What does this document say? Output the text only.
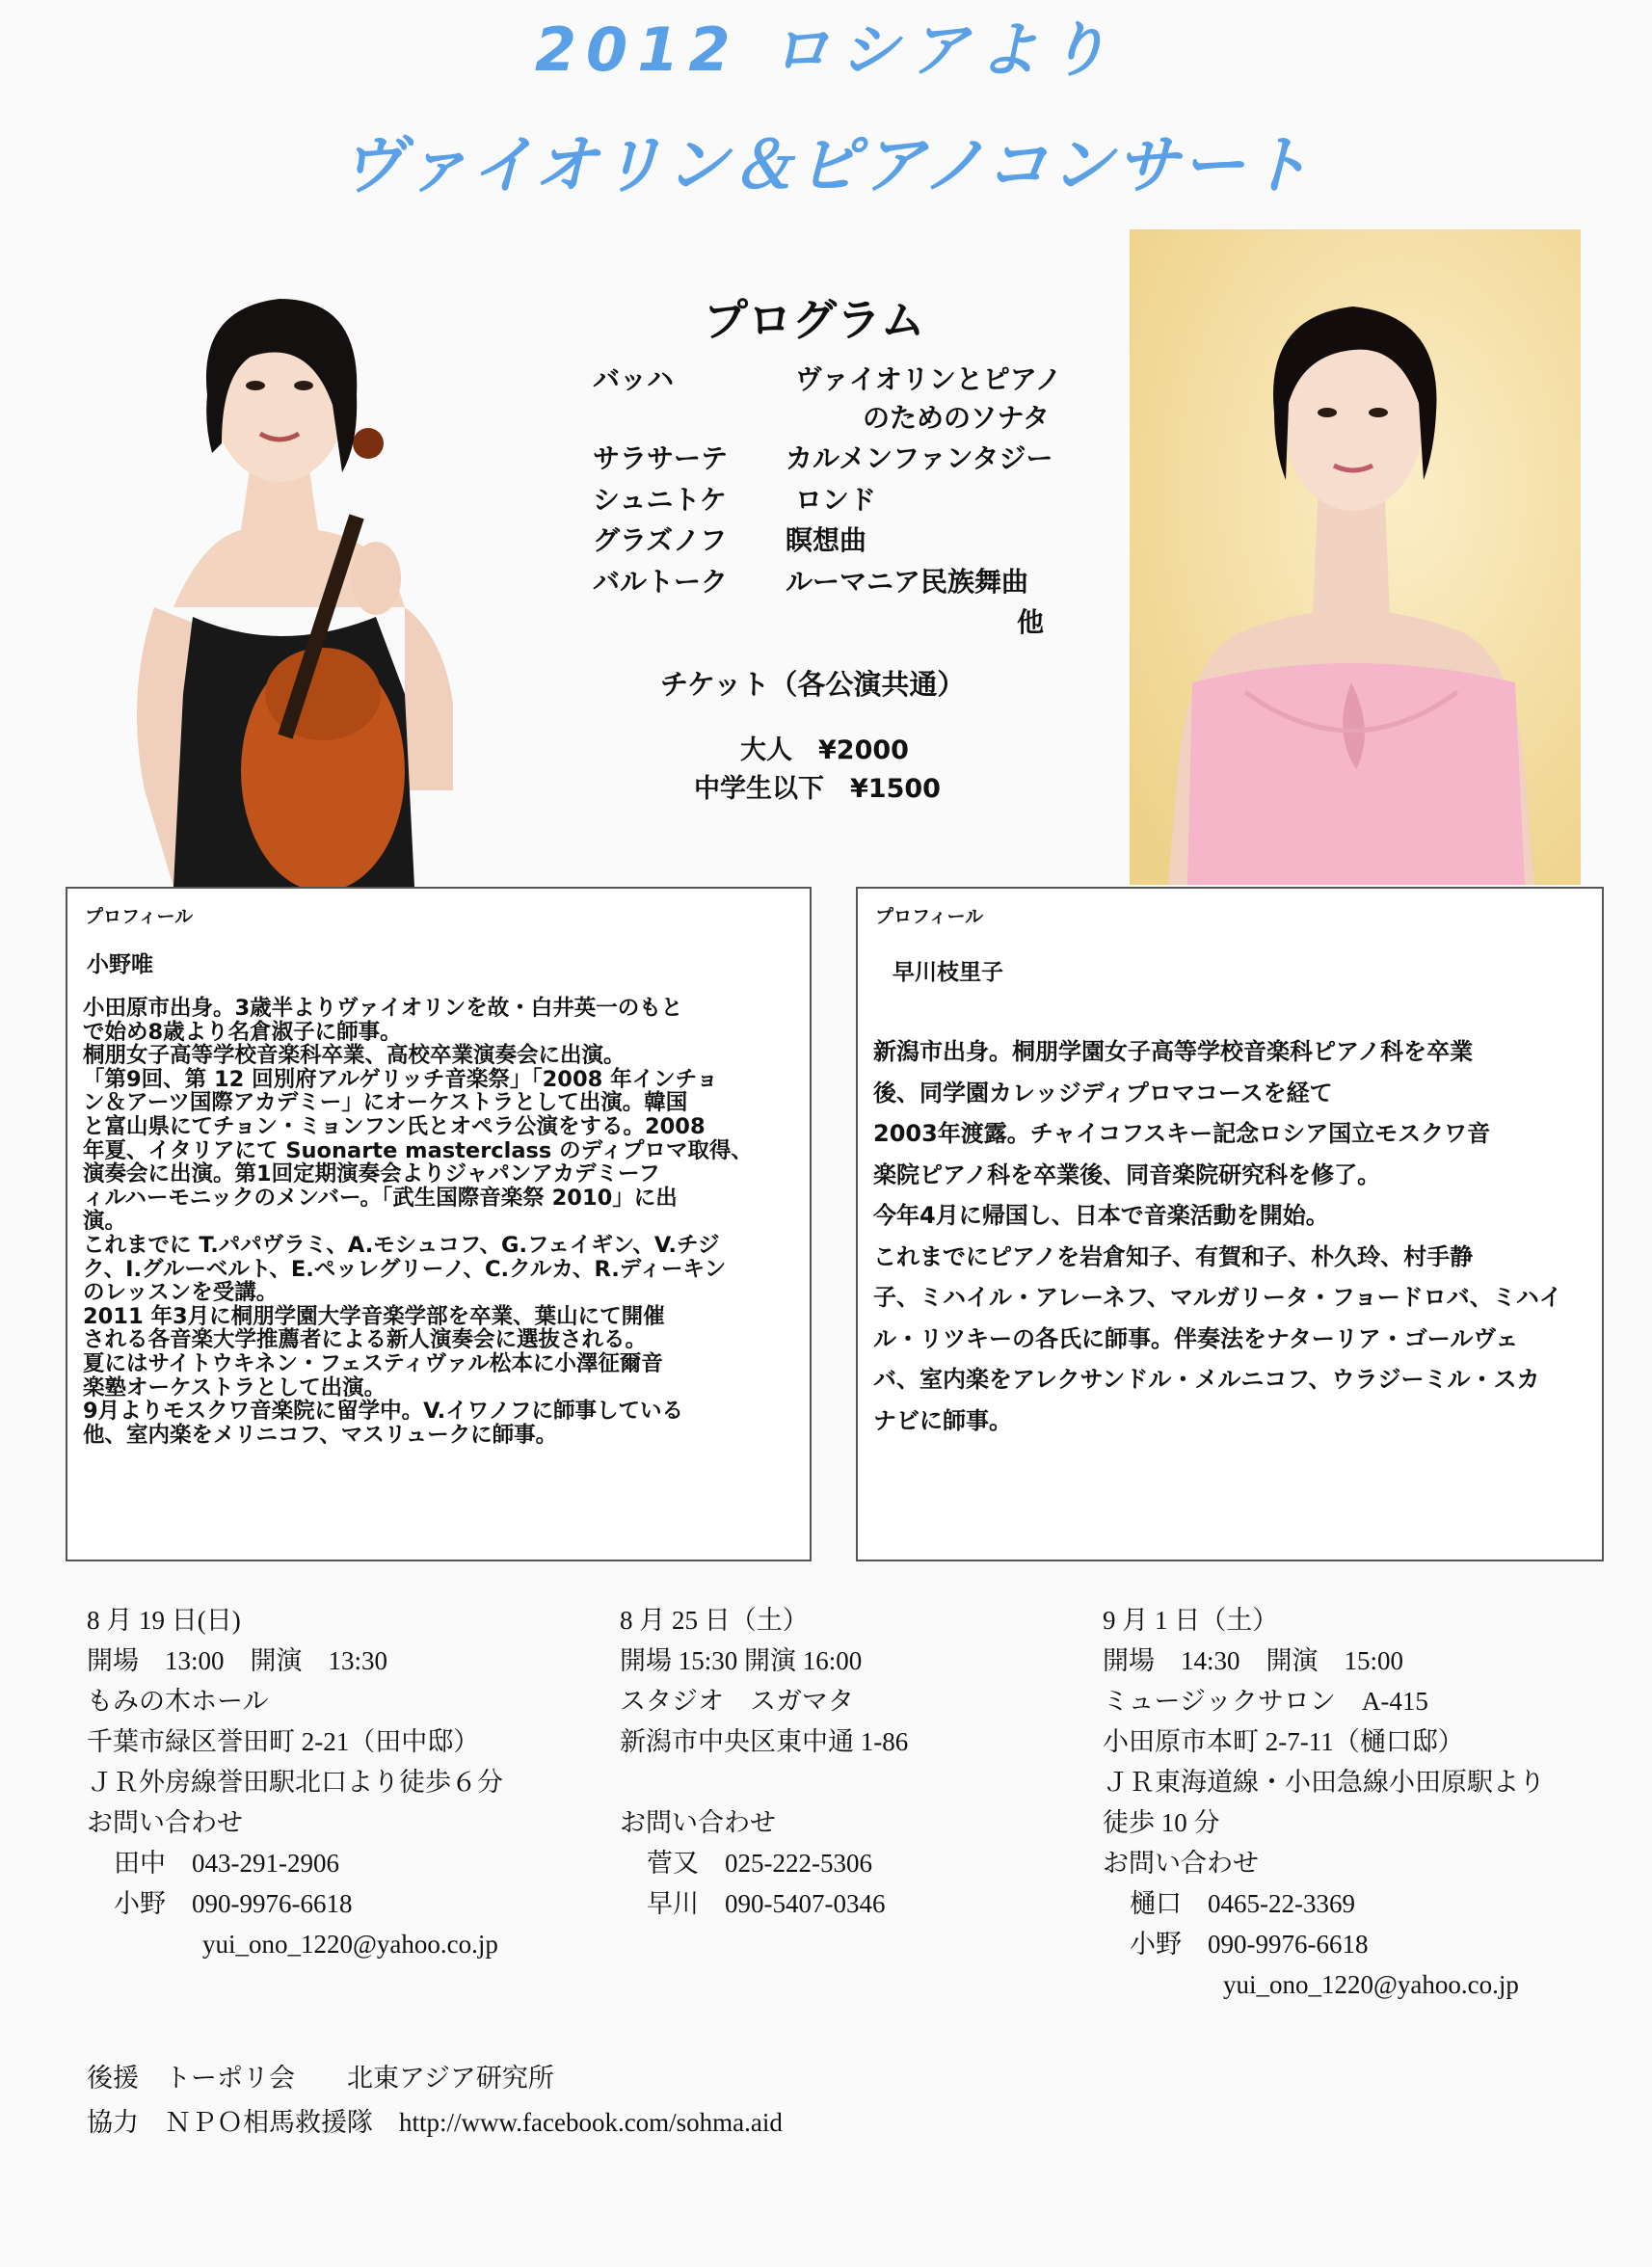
2012 ロシアより
ヴァイオリン＆ピアノコンサート
プログラム
バッハ	ヴァイオリンとピアノ
のためのソナタ
サラサーテ カルメンファンタジー
シュニトケ	ロンド
グラズノフ 瞑想曲
バルトーク ルーマニア民族舞曲
他
チケット（各公演共通）
大人　¥2000
中学生以下　¥1500
プロフィール
小野唯

小田原市出身。3歳半よりヴァイオリンを故・白井英一のもと
で始め8歳より名倉淑子に師事。
桐朋女子高等学校音楽科卒業、高校卒業演奏会に出演。
「第9回、第 12 回別府アルゲリッチ音楽祭」「2008 年インチョ
ン＆アーツ国際アカデミー」にオーケストラとして出演。韓国
と富山県にてチョン・ミョンフン氏とオペラ公演をする。2008
年夏、イタリアにて Suonarte masterclass のディプロマ取得、
演奏会に出演。第1回定期演奏会よりジャパンアカデミーフ
ィルハーモニックのメンバー。「武生国際音楽祭 2010」に出
演。
これまでに T.パパヴラミ、A.モシュコフ、G.フェイギン、V.チジ
ク、I.グルーベルト、E.ペッレグリーノ、C.クルカ、R.ディーキン
のレッスンを受講。
2011 年3月に桐朋学園大学音楽学部を卒業、葉山にて開催
される各音楽大学推薦者による新人演奏会に選抜される。
夏にはサイトウキネン・フェスティヴァル松本に小澤征爾音
楽塾オーケストラとして出演。
9月よりモスクワ音楽院に留学中。V.イワノフに師事している
他、室内楽をメリニコフ、マスリュークに師事。

プロフィール
早川枝里子

新潟市出身。桐朋学園女子高等学校音楽科ピアノ科を卒業
後、同学園カレッジディプロマコースを経て
2003年渡露。チャイコフスキー記念ロシア国立モスクワ音
楽院ピアノ科を卒業後、同音楽院研究科を修了。
今年4月に帰国し、日本で音楽活動を開始。
これまでにピアノを岩倉知子、有賀和子、朴久玲、村手静
子、ミハイル・アレーネフ、マルガリータ・フョードロバ、ミハイ
ル・リツキーの各氏に師事。伴奏法をナターリア・ゴールヴェ
バ、室内楽をアレクサンドル・メルニコフ、ウラジーミル・スカ
ナビに師事。

8 月 19 日(日)
開場　13:00　開演　13:30
もみの木ホール
千葉市緑区誉田町 2-21（田中邸）
ＪＲ外房線誉田駅北口より徒歩６分
お問い合わせ
田中　 043-291-2906
小野　 090-9976-6618
yui_ono_1220@yahoo.co.jp
8 月 25 日（土）
開場 15:30 開演 16:00
スタジオ　スガマタ
新潟市中央区東中通 1-86
お問い合わせ
菅又　 025-222-5306
早川　 090-5407-0346
9 月 1 日（土）
開場　14:30　開演　15:00
ミュージックサロン　A-415
小田原市本町 2-7-11（樋口邸）
ＪＲ東海道線・小田急線小田原駅より
徒歩 10 分
お問い合わせ
樋口　 0465-22-3369
小野　 090-9976-6618
yui_ono_1220@yahoo.co.jp
後援　トーポリ会　　北東アジア研究所
協力　ＮＰＯ相馬救援隊　http://www.facebook.com/sohma.aid
